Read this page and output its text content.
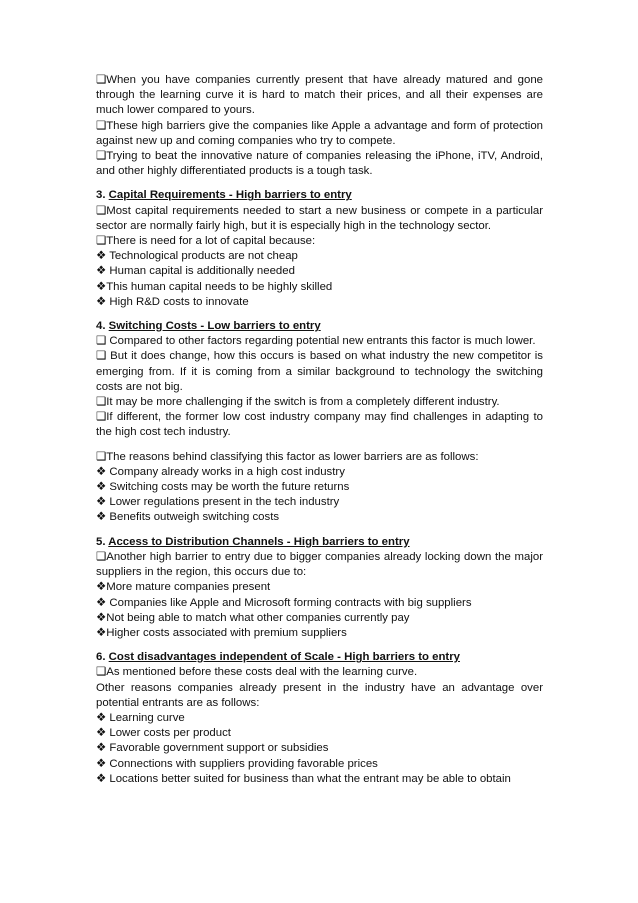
❑When you have companies currently present that have already matured and gone through the learning curve it is hard to match their prices, and all their expenses are much lower compared to yours.
❑These high barriers give the companies like Apple a advantage and form of protection against new up and coming companies who try to compete.
❑Trying to beat the innovative nature of companies releasing the iPhone, iTV, Android, and other highly differentiated products is a tough task.
3. Capital Requirements - High barriers to entry
❑Most capital requirements needed to start a new business or compete in a particular sector are normally fairly high, but it is especially high in the technology sector.
❑There is need for a lot of capital because:
❖ Technological products are not cheap
❖ Human capital is additionally needed
❖This human capital needs to be highly skilled
❖ High R&D costs to innovate
4. Switching Costs - Low barriers to entry
❑ Compared to other factors regarding potential new entrants this factor is much lower.
❑ But it does change, how this occurs is based on what industry the new competitor is emerging from. If it is coming from a similar background to technology the switching costs are not big.
❑It may be more challenging if the switch is from a completely different industry.
❑If different, the former low cost industry company may find challenges in adapting to the high cost tech industry.
❑The reasons behind classifying this factor as lower barriers are as follows:
❖ Company already works in a high cost industry
❖ Switching costs may be worth the future returns
❖ Lower regulations present in the tech industry
❖ Benefits outweigh switching costs
5. Access to Distribution Channels - High barriers to entry
❑Another high barrier to entry due to bigger companies already locking down the major suppliers in the region, this occurs due to:
❖More mature companies present
❖ Companies like Apple and Microsoft forming contracts with big suppliers
❖Not being able to match what other companies currently pay
❖Higher costs associated with premium suppliers
6. Cost disadvantages independent of Scale - High barriers to entry
❑As mentioned before these costs deal with the learning curve.
Other reasons companies already present in the industry have an advantage over potential entrants are as follows:
❖ Learning curve
❖ Lower costs per product
❖ Favorable government support or subsidies
❖ Connections with suppliers providing favorable prices
❖ Locations better suited for business than what the entrant may be able to obtain
